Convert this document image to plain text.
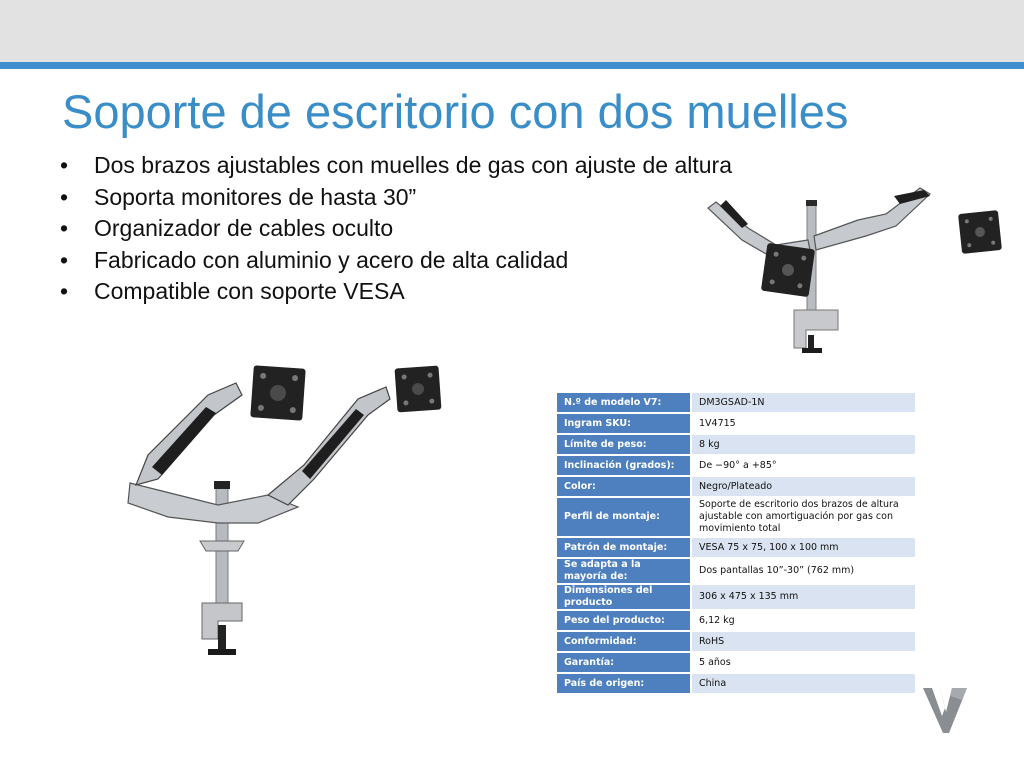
Soporte de escritorio con dos muelles
• Dos brazos ajustables con muelles de gas con ajuste de altura
• Soporta monitores de hasta 30”
• Organizador de cables oculto
• Fabricado con aluminio y acero de alta calidad
• Compatible con soporte VESA
N.º de modelo V7:	DM3GSAD-1N
Ingram SKU:	1V4715
Límite de peso:	8 kg
Inclinación (grados):	De −90° a +85°
Color:	Negro/Plateado
Perfil de montaje:	Soporte de escritorio dos brazos de altura ajustable con amortiguación por gas con movimiento total
Patrón de montaje:	VESA 75 x 75, 100 x 100 mm
Se adapta a la mayoría de:	Dos pantallas 10”-30” (762 mm)
Dimensiones del producto	306 x 475 x 135 mm
Peso del producto:	6,12 kg
Conformidad:	RoHS
Garantía:	5 años
País de origen:	China
